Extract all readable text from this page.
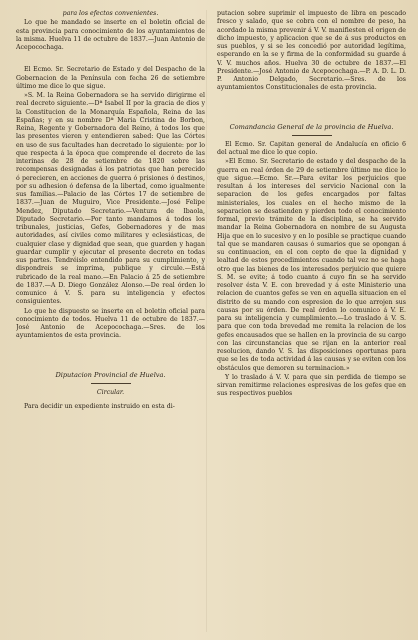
para los efectos convenientes.

Lo que he mandado se inserte en el boletin oficial de esta provincia para conocimiento de los ayuntamientos de la misma. Huelva 11 de octubre de 1837.—Juan Antonio de Acepocochaga.

El Ecmo. Sr. Secretario de Estado y del Despacho de la Gobernacion de la Península con fecha 26 de setiembre último me dice lo que sigue.

»S. M. la Reina Gobernadora se ha servido dirigirme el real decreto siguiente.—Dª Isabel II por la gracia de dios y la Constitucion de la Monarquía Española, Reina de las Españas; y en su nombre Dª Maria Cristina de Borbon, Reina, Regente y Gobernadora del Reino, á todos los que las presentes vieren y entendieren sabed: Que las Córtes en uso de sus facultades han decretado lo siguiente: por lo que respecta á la época que comprende el decreto de las interinas de 28 de setiembre de 1820 sobre las recompensas designadas á los patriotas que han perecido ó perecieren, en acciones de guerra ó prisiones ó destinos, por su adhesion ó defensa de la libertad, como igualmente sus familias.—Palacio de las Córtes 17 de setiembre de 1837.—Juan de Muguiro, Vice Presidente.—José Felipe Mendez, Diputado Secretario.—Ventura de Ibaola, Diputado Secretario.—Por tanto mandamos á todos los tribunales, justicias, Gefes, Gobernadores y de mas autoridades, así civiles como militares y eclesiásticas, de cualquier clase y dignidad que sean, que guarden y hagan guardar cumplir y ejecutar el presente decreto en todas sus partes. Tendréislo entendido para su cumplimiento, y dispondreis se imprima, publique y circule.—Está rubricado de la real mano.—En Palacio á 25 de setiembre de 1837.—A D. Diego González Alonso.—De real órden lo comunico á V. S. para su inteligencia y efectos consiguientes.

Lo que he dispuesto se inserte en el boletin oficial para conocimiento de todos. Huelva 11 de octubre de 1837.—José Antonio de Acepocochaga.—Sres. de los ayuntamientos de esta provincia.

Diputacion Provincial de Huelva.

Circular.

Para decidir un expediente instruido en esta di-

putacion sobre suprimir el impuesto de libra en pescado fresco y salado, que se cobra con el nombre de peso, ha acordado la misma prevenir á V. V. manifiesten el origen de dicho impuesto, y aplicacion que se de á sus productos en sus pueblos, y si se les concedió por autoridad legítima, esperando en la se y firma de la conformidad su guarde á V. V. muchos años. Huelva 30 de octubre de 1837.—El Presidente.—José Antonio de Acepocochaga.—P. A. D. L. D. P. Antonio Delgado, Secretario.—Sres. de los ayuntamientos Constitucionales de esta provincia.

Comandancia General de la provincia de Huelva.

El Ecmo. Sr. Capitan general de Andalucía en oficio 6 del actual me dice lo que copio.

»El Ecmo. Sr. Secretario de estado y del despacho de la guerra en real órden de 29 de setiembre último me dice lo que sigue.—Ecmo. Sr.—Para evitar los perjuicios que resultan á los intereses del servicio Nacional con la separacion de los gefes encargados por faltas ministeriales, los cuales en el hecho mismo de la separacion se desatienden y pierden todo el conocimiento formal, previo trámite de la disciplina, se ha servido mandar la Reina Gobernadora en nombre de su Augusta Hija que en lo sucesivo y en lo posible se practique cuando tal que se mandaren causas ó sumarios que se opongan á su continuacion, en el con cepto de que la dignidad y lealtad de estos procedimientos cuando tal vez no se haga otro que las bienes de los interesados perjuicio que quiere S. M. se evite; á todo cuanto á cuyo fin se ha servido resolver ésta V. E. con brevedad y á este Ministerio una relacion de cuantos gefes se ven en aquella situacion en el distrito de su mando con espresion de lo que arrojen sus causas por su órden. De real órden lo comunico á V. E. para su inteligencia y cumplimiento.—Lo traslado á V. S. para que con toda brevedad me remita la relacion de los gefes encausados que se hallen en la provincia de su cargo con las circunstancias que se rijan en la anterior real resolucion, dando V. S. las disposiciones oportunas para que se les de toda actividad á las causas y se eviten con los obstáculos que demoren su terminacion.»

Y lo traslado á V. V. para que sin perdida de tiempo se sirvan remitirme relaciones espresivas de los gefes que en sus respectivos pueblos
